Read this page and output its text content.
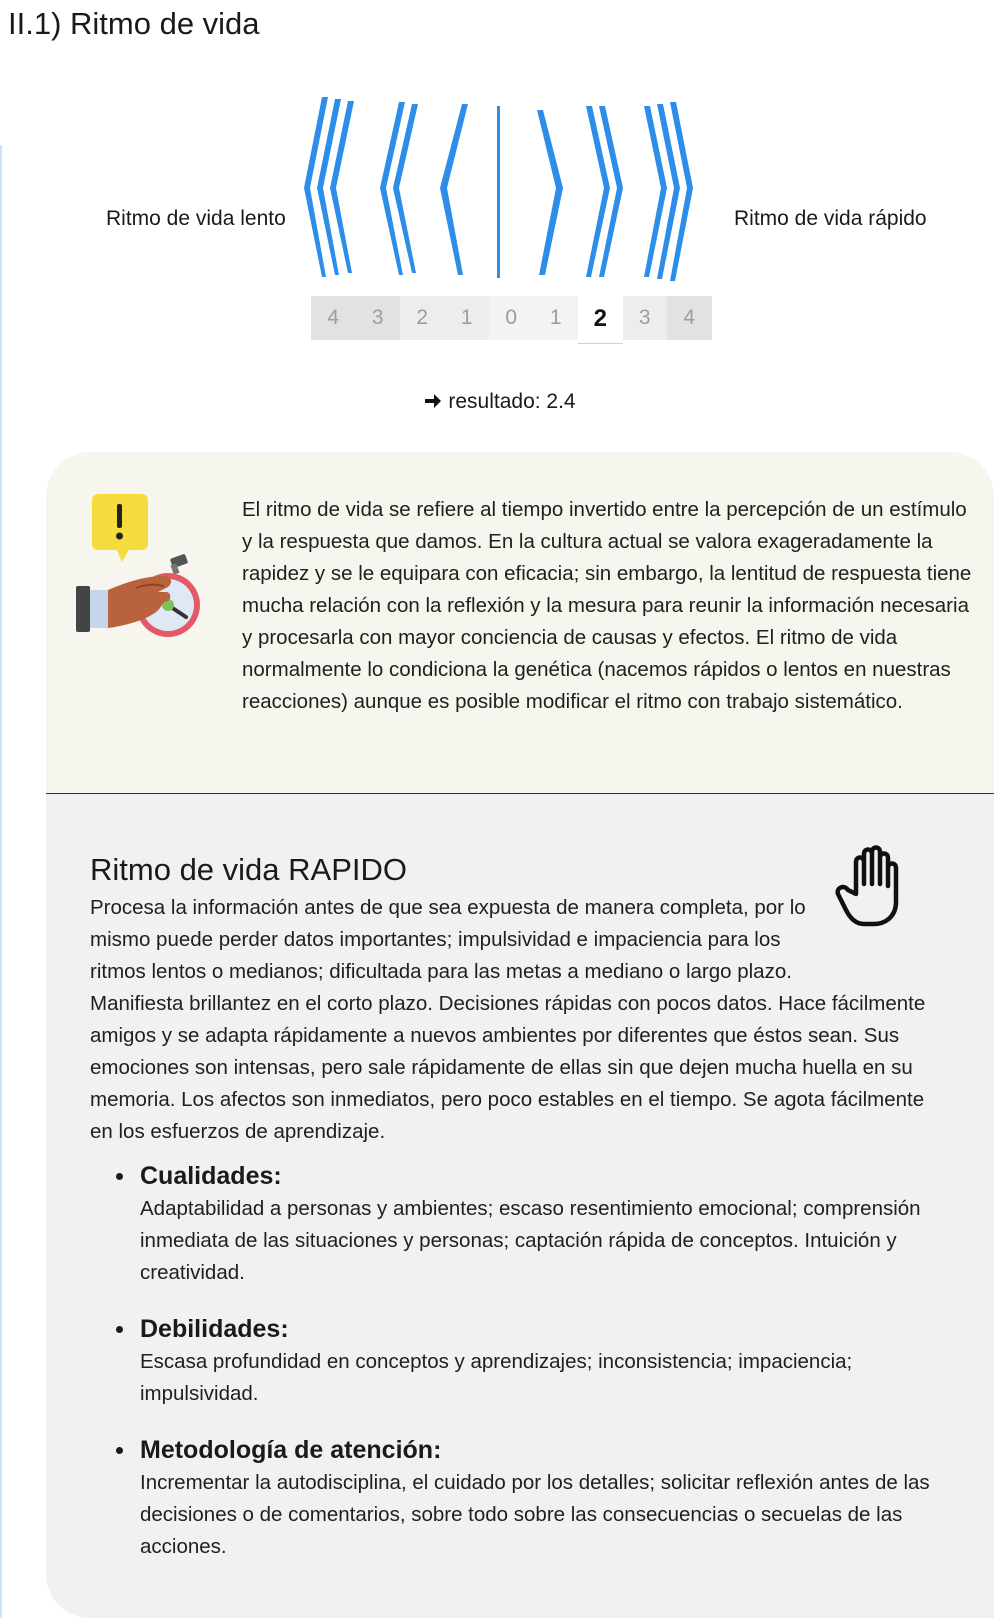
II.1) Ritmo de vida
Ritmo de vida lento	Ritmo de vida rápido
4	3	2	1	0	1	2	3	4
resultado: 2.4

El ritmo de vida se refiere al tiempo invertido entre la percepción de un estímulo y la respuesta que damos. En la cultura actual se valora exageradamente la rapidez y se le equipara con eficacia; sin embargo, la lentitud de respuesta tiene mucha relación con la reflexión y la mesura para reunir la información necesaria y procesarla con mayor conciencia de causas y efectos. El ritmo de vida normalmente lo condiciona la genética (nacemos rápidos o lentos en nuestras reacciones) aunque es posible modificar el ritmo con trabajo sistemático.

Ritmo de vida RAPIDO

Procesa la información antes de que sea expuesta de manera completa, por lo mismo puede perder datos importantes; impulsividad e impaciencia para los ritmos lentos o medianos; dificultada para las metas a mediano o largo plazo. Manifiesta brillantez en el corto plazo. Decisiones rápidas con pocos datos. Hace fácilmente amigos y se adapta rápidamente a nuevos ambientes por diferentes que éstos sean. Sus emociones son intensas, pero sale rápidamente de ellas sin que dejen mucha huella en su memoria. Los afectos son inmediatos, pero poco estables en el tiempo. Se agota fácilmente en los esfuerzos de aprendizaje.

Cualidades:

Adaptabilidad a personas y ambientes; escaso resentimiento emocional; comprensión inmediata de las situaciones y personas; captación rápida de conceptos. Intuición y creatividad.

Debilidades:

Escasa profundidad en conceptos y aprendizajes; inconsistencia; impaciencia; impulsividad.

Metodología de atención:

Incrementar la autodisciplina, el cuidado por los detalles; solicitar reflexión antes de las decisiones o de comentarios, sobre todo sobre las consecuencias o secuelas de las acciones.
